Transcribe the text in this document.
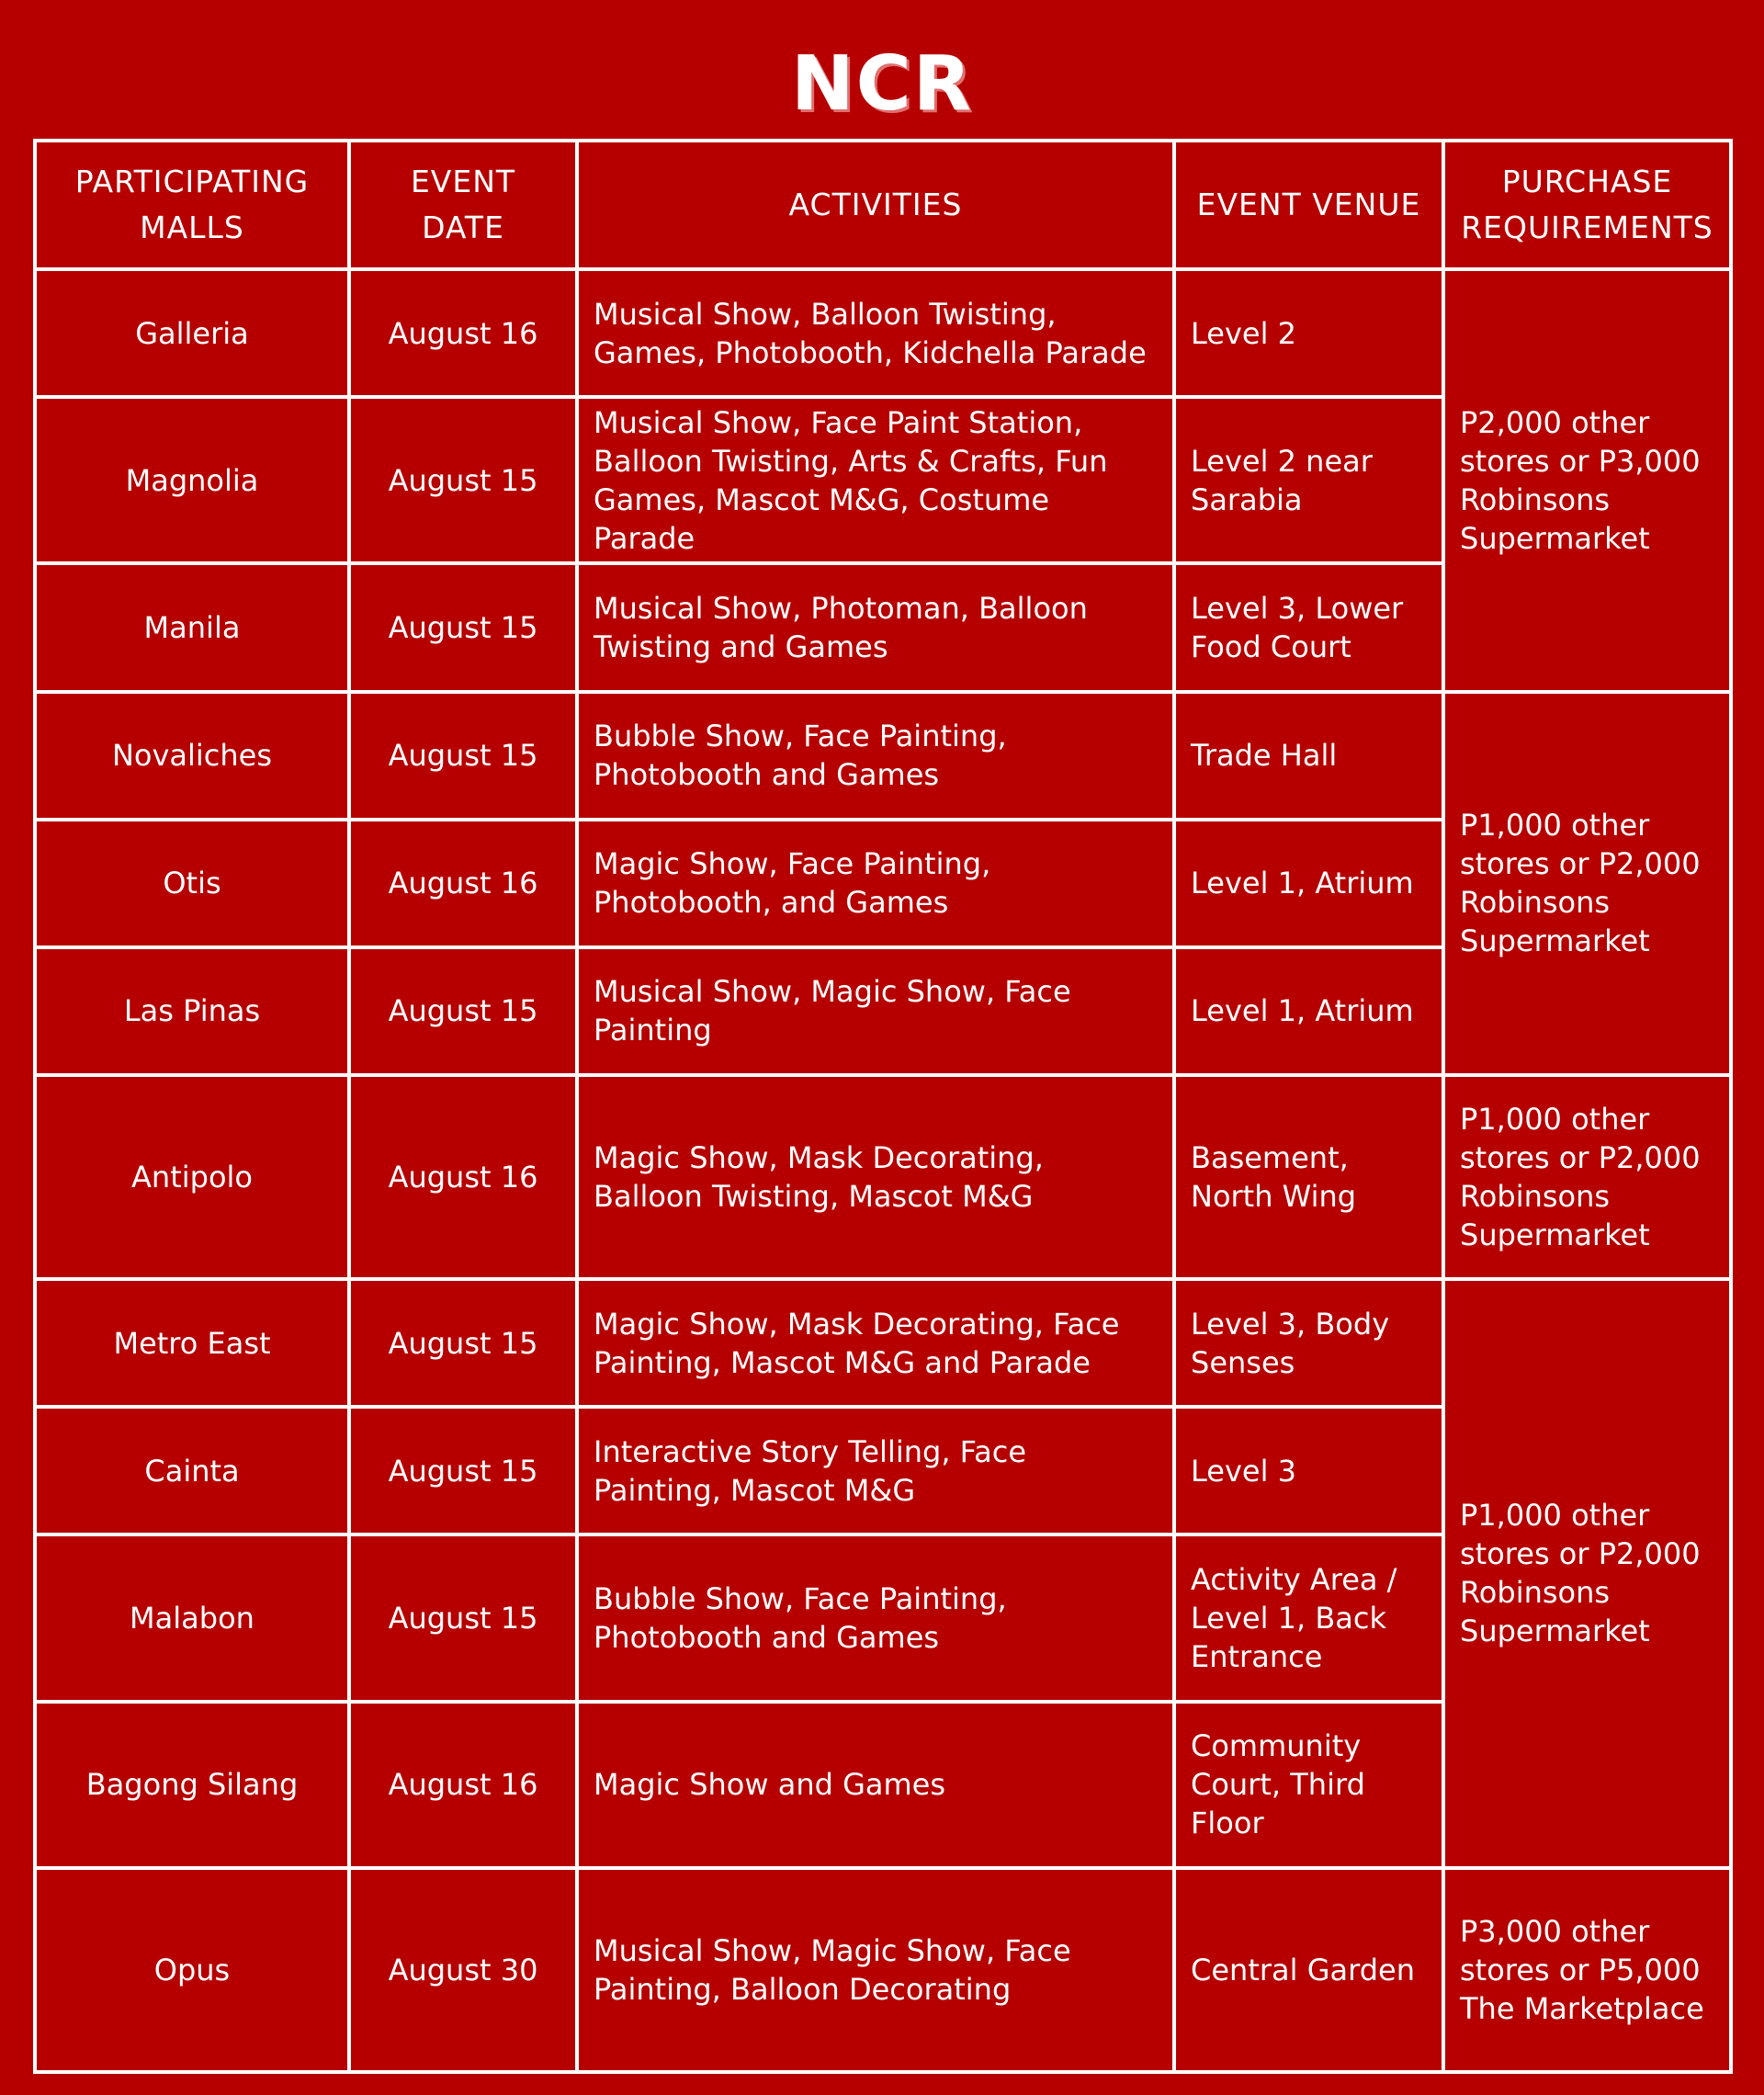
NCR
PARTICIPATING MALLS	EVENT DATE	ACTIVITIES	EVENT VENUE	PURCHASE REQUIREMENTS
Galleria	August 16	Musical Show, Balloon Twisting, Games, Photobooth, Kidchella Parade	Level 2	P2,000 other stores or P3,000 Robinsons Supermarket
Magnolia	August 15	Musical Show, Face Paint Station, Balloon Twisting, Arts & Crafts, Fun Games, Mascot M&G, Costume Parade	Level 2 near Sarabia	
Manila	August 15	Musical Show, Photoman, Balloon Twisting and Games	Level 3, Lower Food Court	
Novaliches	August 15	Bubble Show, Face Painting, Photobooth and Games	Trade Hall	P1,000 other stores or P2,000 Robinsons Supermarket
Otis	August 16	Magic Show, Face Painting, Photobooth, and Games	Level 1, Atrium	
Las Pinas	August 15	Musical Show, Magic Show, Face Painting	Level 1, Atrium	
Antipolo	August 16	Magic Show, Mask Decorating, Balloon Twisting, Mascot M&G	Basement, North Wing	P1,000 other stores or P2,000 Robinsons Supermarket
Metro East	August 15	Magic Show, Mask Decorating, Face Painting, Mascot M&G and Parade	Level 3, Body Senses	P1,000 other stores or P2,000 Robinsons Supermarket
Cainta	August 15	Interactive Story Telling, Face Painting, Mascot M&G	Level 3	
Malabon	August 15	Bubble Show, Face Painting, Photobooth and Games	Activity Area / Level 1, Back Entrance	
Bagong Silang	August 16	Magic Show and Games	Community Court, Third Floor	
Opus	August 30	Musical Show, Magic Show, Face Painting, Balloon Decorating	Central Garden	P3,000 other stores or P5,000 The Marketplace
